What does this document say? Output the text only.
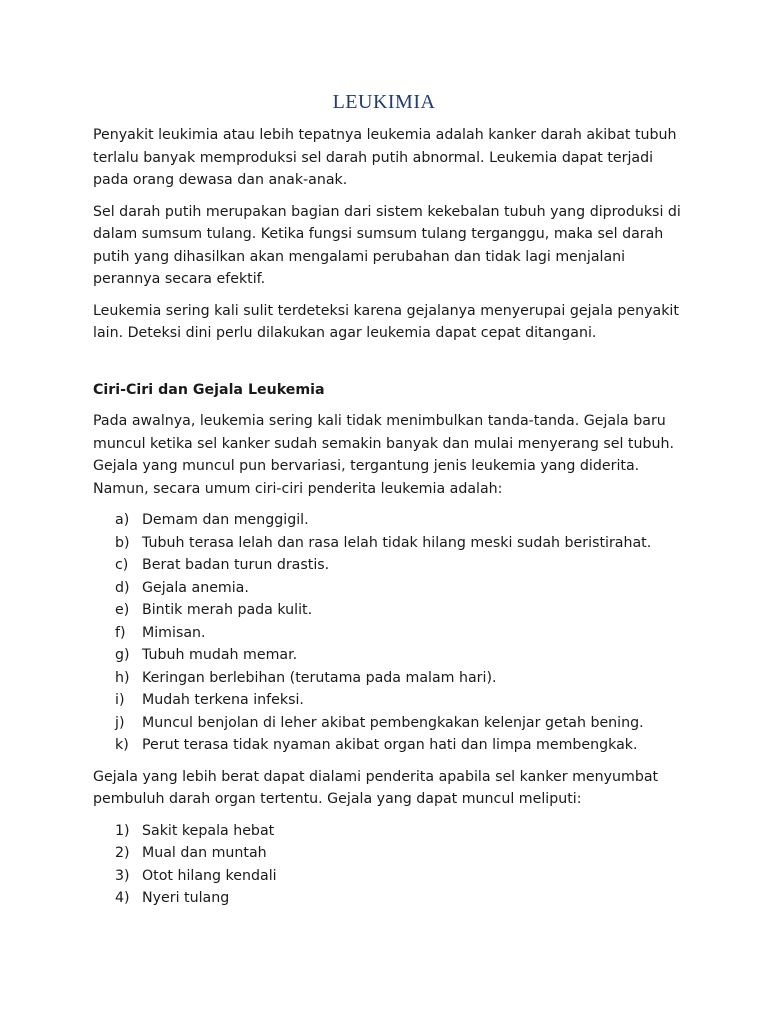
LEUKIMIA

Penyakit leukimia atau lebih tepatnya leukemia adalah kanker darah akibat tubuh terlalu banyak memproduksi sel darah putih abnormal. Leukemia dapat terjadi pada orang dewasa dan anak-anak.

Sel darah putih merupakan bagian dari sistem kekebalan tubuh yang diproduksi di dalam sumsum tulang. Ketika fungsi sumsum tulang terganggu, maka sel darah putih yang dihasilkan akan mengalami perubahan dan tidak lagi menjalani perannya secara efektif.

Leukemia sering kali sulit terdeteksi karena gejalanya menyerupai gejala penyakit lain. Deteksi dini perlu dilakukan agar leukemia dapat cepat ditangani.

Ciri-Ciri dan Gejala Leukemia

Pada awalnya, leukemia sering kali tidak menimbulkan tanda-tanda. Gejala baru muncul ketika sel kanker sudah semakin banyak dan mulai menyerang sel tubuh. Gejala yang muncul pun bervariasi, tergantung jenis leukemia yang diderita. Namun, secara umum ciri-ciri penderita leukemia adalah:

a) Demam dan menggigil.
b) Tubuh terasa lelah dan rasa lelah tidak hilang meski sudah beristirahat.
c) Berat badan turun drastis.
d) Gejala anemia.
e) Bintik merah pada kulit.
f)	Mimisan.
g) Tubuh mudah memar.
h) Keringan berlebihan (terutama pada malam hari).
i)	Mudah terkena infeksi.
j)	Muncul benjolan di leher akibat pembengkakan kelenjar getah bening.
k) Perut terasa tidak nyaman akibat organ hati dan limpa membengkak.

Gejala yang lebih berat dapat dialami penderita apabila sel kanker menyumbat pembuluh darah organ tertentu. Gejala yang dapat muncul meliputi:

1) Sakit kepala hebat
2) Mual dan muntah
3) Otot hilang kendali
4) Nyeri tulang
